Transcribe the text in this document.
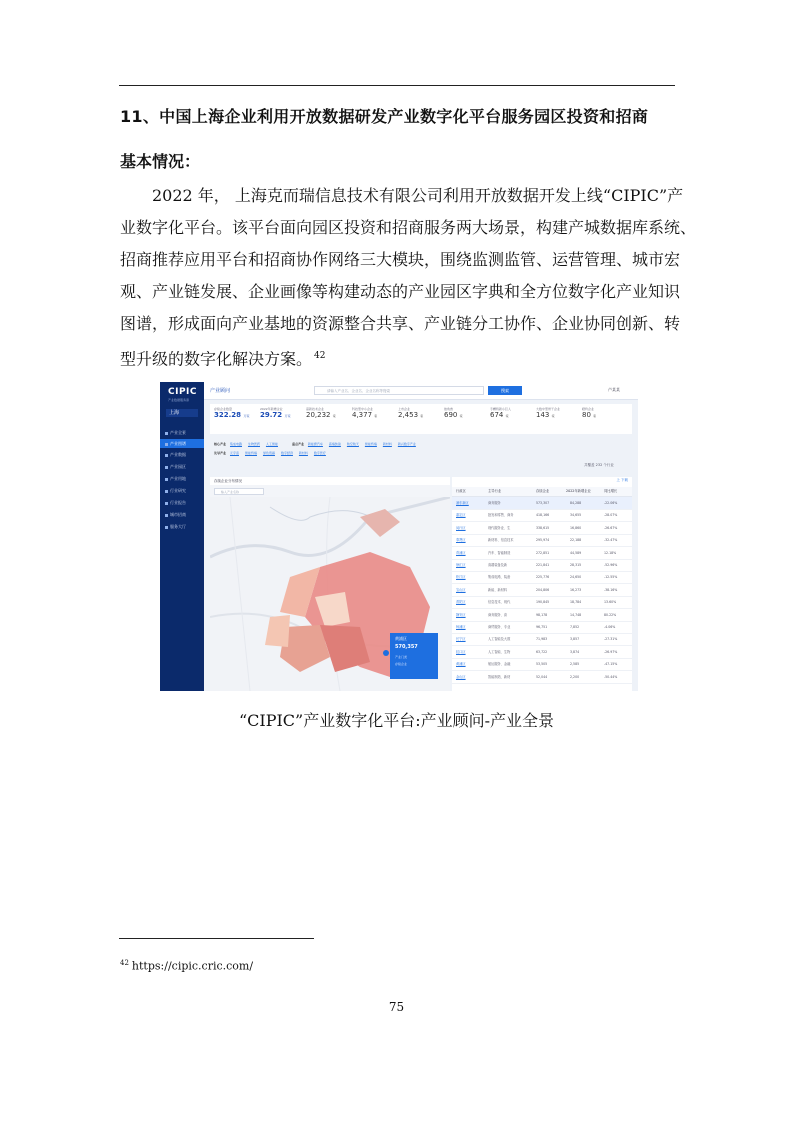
11、中国上海企业利用开放数据研发产业数字化平台服务园区投资和招商
基本情况：
2022 年， 上海克而瑞信息技术有限公司利用开放数据开发上线“CIPIC”产
业数字化平台。该平台面向园区投资和招商服务两大场景，构建产城数据库系统、
招商推荐应用平台和招商协作网络三大模块，围绕监测监管、运营管理、城市宏
观、产业链发展、企业画像等构建动态的产业园区字典和全方位数字化产业知识
图谱，形成面向产业基地的资源整合共享、产业链分工协作、企业协同创新、转
型升级的数字化解决方案。 $^{42}$
CIPIC
产业数据服务商
上海
产业全景
产业图谱
产业数据
产业园区
产业用地
行业研究
行业报告
城市招商
服务大厅
产业顾问	请输入产业名、企业名、企业名称等搜索	搜索	卢某某
存续企业数量
322.28 万家
2022年新增企业
29.72 万家
高新技术企业
20,232 家
科技型中小企业
4,377 家
上市企业
2,453 家
独角兽
690 家
专精特新小巨人
674 家
大数中型骨干企业
143 家
瞪羚企业
80 家
核心产业 集成电路 生物医药 人工智能	重点产业 新能源汽车 高端装备 航空航天 智能终端 新材料 新兴数字产业
先导产业 元宇宙 智能终端 绿色低碳 数字经济 新材料 数字医疗
共覆盖 232 个行业
存续企业分布情况
输入产业名称
黄浦区
570,357
产业门类
存续企业
上 下载
行政区	主导行业	存续企业	2022年新增企业	同比增长
浦东新区	商务服务	573,307	84,288	-22.06%
嘉定区	批发和零售、商务	418,166	34,655	-28.07%
闵行区	现代服务业、生	338,615	16,860	-26.67%
奉贤区	新材料、信息技术	295,974	22,188	-32.47%
青浦区	汽车、智能制造	272,851	44,589	12.18%
徐汇区	高端装备及新	221,841	28,315	-52.96%
松江区	集成电路、装备	225,776	24,650	-12.55%
宝山区	新能、新材料	204,806	16,273	-38.16%
普陀区	信息技术、现代	190,845	18,784	13.60%
静安区	商务服务、高	98,178	14,748	80.22%
杨浦区	商贸服务、专业	96,751	7,852	-4.06%
长宁区	人工智能及大数	71,983	3,857	-27.31%
虹口区	人工智能、生物	63,722	3,874	-26.97%
黄浦区	航运服务、金融	53,505	2,585	-47.15%
金山区	智能制造、新材	52,044	2,200	-50.44%
“CIPIC”产业数字化平台:产业顾问-产业全景
$^{42}$ https://cipic.cric.com/
75
